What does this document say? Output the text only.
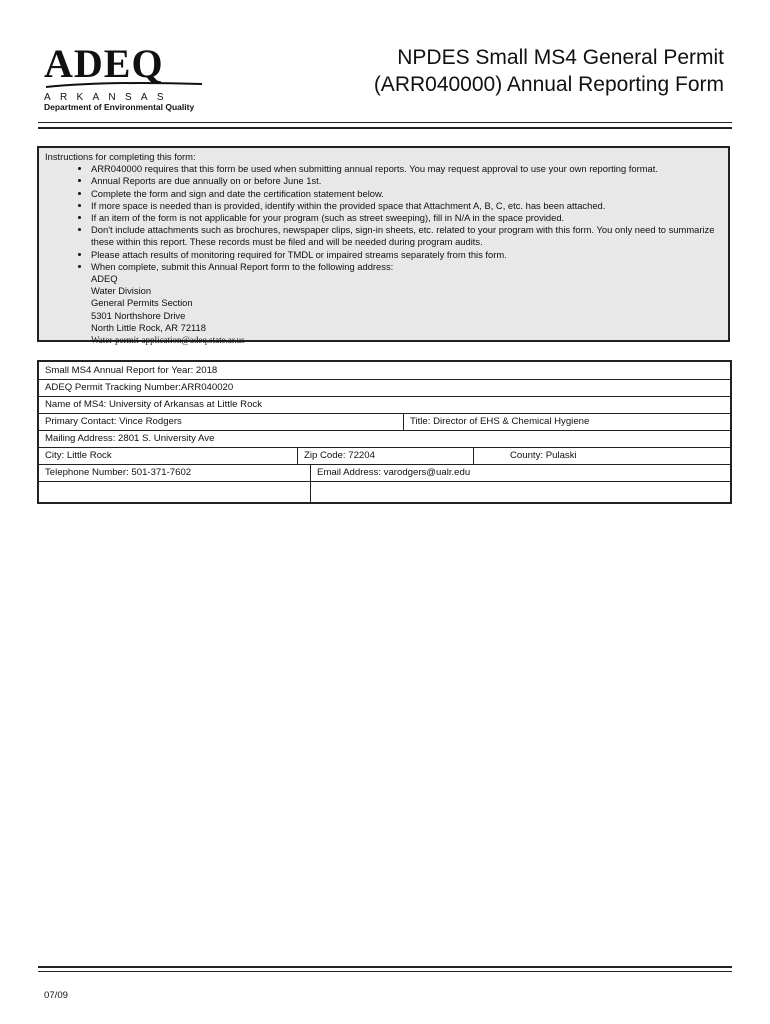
ADEQ
ARKANSAS
Department of Environmental Quality
NPDES Small MS4 General Permit
(ARR040000) Annual Reporting Form
Instructions for completing this form:
• ARR040000 requires that this form be used when submitting annual reports. You may request approval to use your own reporting format.
• Annual Reports are due annually on or before June 1st.
• Complete the form and sign and date the certification statement below.
• If more space is needed than is provided, identify within the provided space that Attachment A, B, C, etc. has been attached.
• If an item of the form is not applicable for your program (such as street sweeping), fill in N/A in the space provided.
• Don't include attachments such as brochures, newspaper clips, sign-in sheets, etc. related to your program with this form. You only need to summarize these within this report. These records must be filed and will be needed during program audits.
• Please attach results of monitoring required for TMDL or impaired streams separately from this form.
• When complete, submit this Annual Report form to the following address:
ADEQ
Water Division
General Permits Section
5301 Northshore Drive
North Little Rock, AR 72118
Water-permit-application@adeq.state.ar.us
Small MS4 Annual Report for Year: 2018
ADEQ Permit Tracking Number:ARR040020
Name of MS4: University of Arkansas at Little Rock
Primary Contact: Vince Rodgers	Title: Director of EHS & Chemical Hygiene
Mailing Address: 2801 S. University Ave
City: Little Rock	Zip Code: 72204	County: Pulaski
Telephone Number: 501-371-7602	Email Address: varodgers@ualr.edu
07/09
